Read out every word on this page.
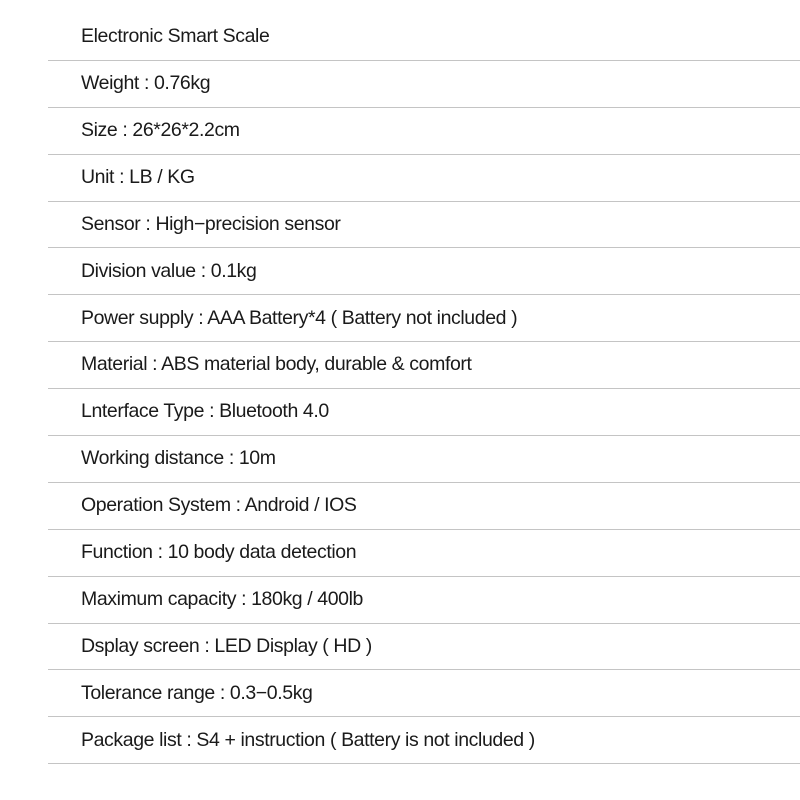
Electronic Smart Scale
Weight : 0.76kg
Size : 26*26*2.2cm
Unit : LB / KG
Sensor : High−precision sensor
Division value : 0.1kg
Power supply : AAA Battery*4 ( Battery not included )
Material : ABS material body, durable & comfort
Lnterface Type : Bluetooth 4.0
Working distance : 10m
Operation System : Android / IOS
Function : 10 body data detection
Maximum capacity : 180kg / 400lb
Dsplay screen : LED Display ( HD )
Tolerance range : 0.3−0.5kg
Package list : S4 + instruction ( Battery is not included )
